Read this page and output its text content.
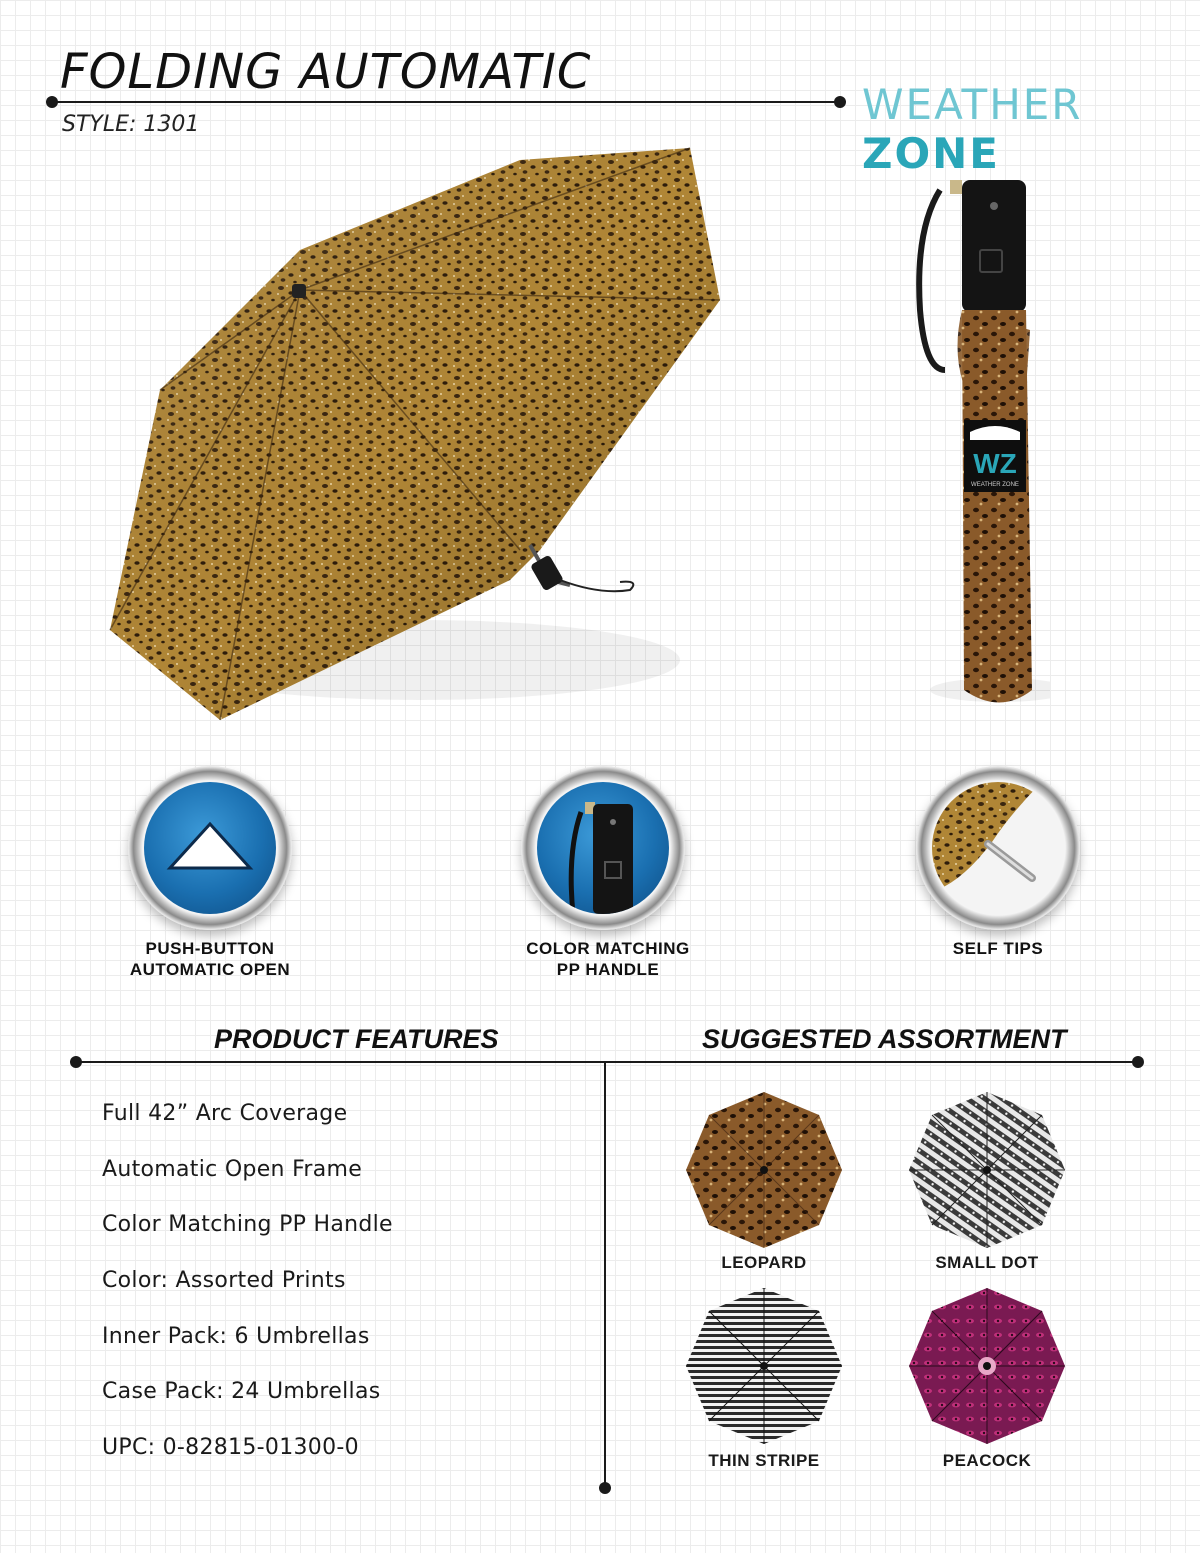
FOLDING AUTOMATIC
STYLE: 1301	WEATHER ZONE
WZ
WEATHER ZONE
PUSH-BUTTON
AUTOMATIC OPEN
COLOR MATCHING
PP HANDLE
SELF TIPS
PRODUCT FEATURES	SUGGESTED ASSORTMENT
Full 42” Arc Coverage
Automatic Open Frame
Color Matching PP Handle
Color: Assorted Prints
Inner Pack: 6 Umbrellas
Case Pack: 24 Umbrellas
UPC: 0-82815-01300-0
LEOPARD	SMALL DOT
THIN STRIPE	PEACOCK
